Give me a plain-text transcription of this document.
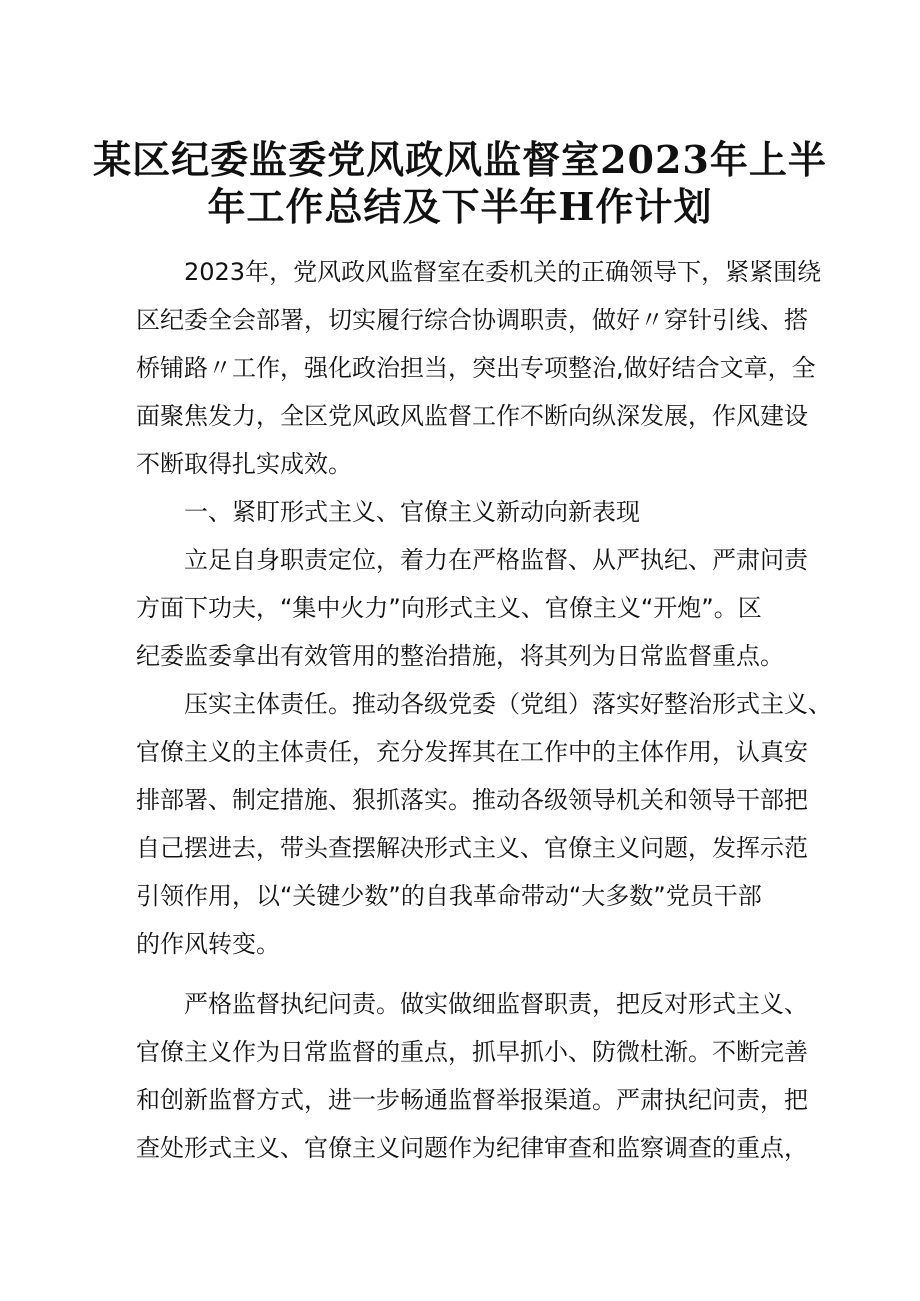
某区纪委监委党风政风监督室2023年上半
年工作总结及下半年H作计划
2023年，党风政风监督室在委机关的正确领导下，紧紧围绕
区纪委全会部署，切实履行综合协调职责，做好〃穿针引线、搭
桥铺路〃工作，强化政治担当，突出专项整治,做好结合文章，全
面聚焦发力，全区党风政风监督工作不断向纵深发展，作风建设
不断取得扎实成效。
一、紧盯形式主义、官僚主义新动向新表现
立足自身职责定位，着力在严格监督、从严执纪、严肃问责
方面下功夫，“集中火力”向形式主义、官僚主义“开炮”。区
纪委监委拿出有效管用的整治措施，将其列为日常监督重点。
压实主体责任。推动各级党委（党组）落实好整治形式主义、
官僚主义的主体责任，充分发挥其在工作中的主体作用，认真安
排部署、制定措施、狠抓落实。推动各级领导机关和领导干部把
自己摆进去，带头查摆解决形式主义、官僚主义问题，发挥示范
引领作用，以“关键少数”的自我革命带动“大多数”党员干部
的作风转变。
严格监督执纪问责。做实做细监督职责，把反对形式主义、
官僚主义作为日常监督的重点，抓早抓小、防微杜渐。不断完善
和创新监督方式，进一步畅通监督举报渠道。严肃执纪问责，把
查处形式主义、官僚主义问题作为纪律审查和监察调查的重点，
